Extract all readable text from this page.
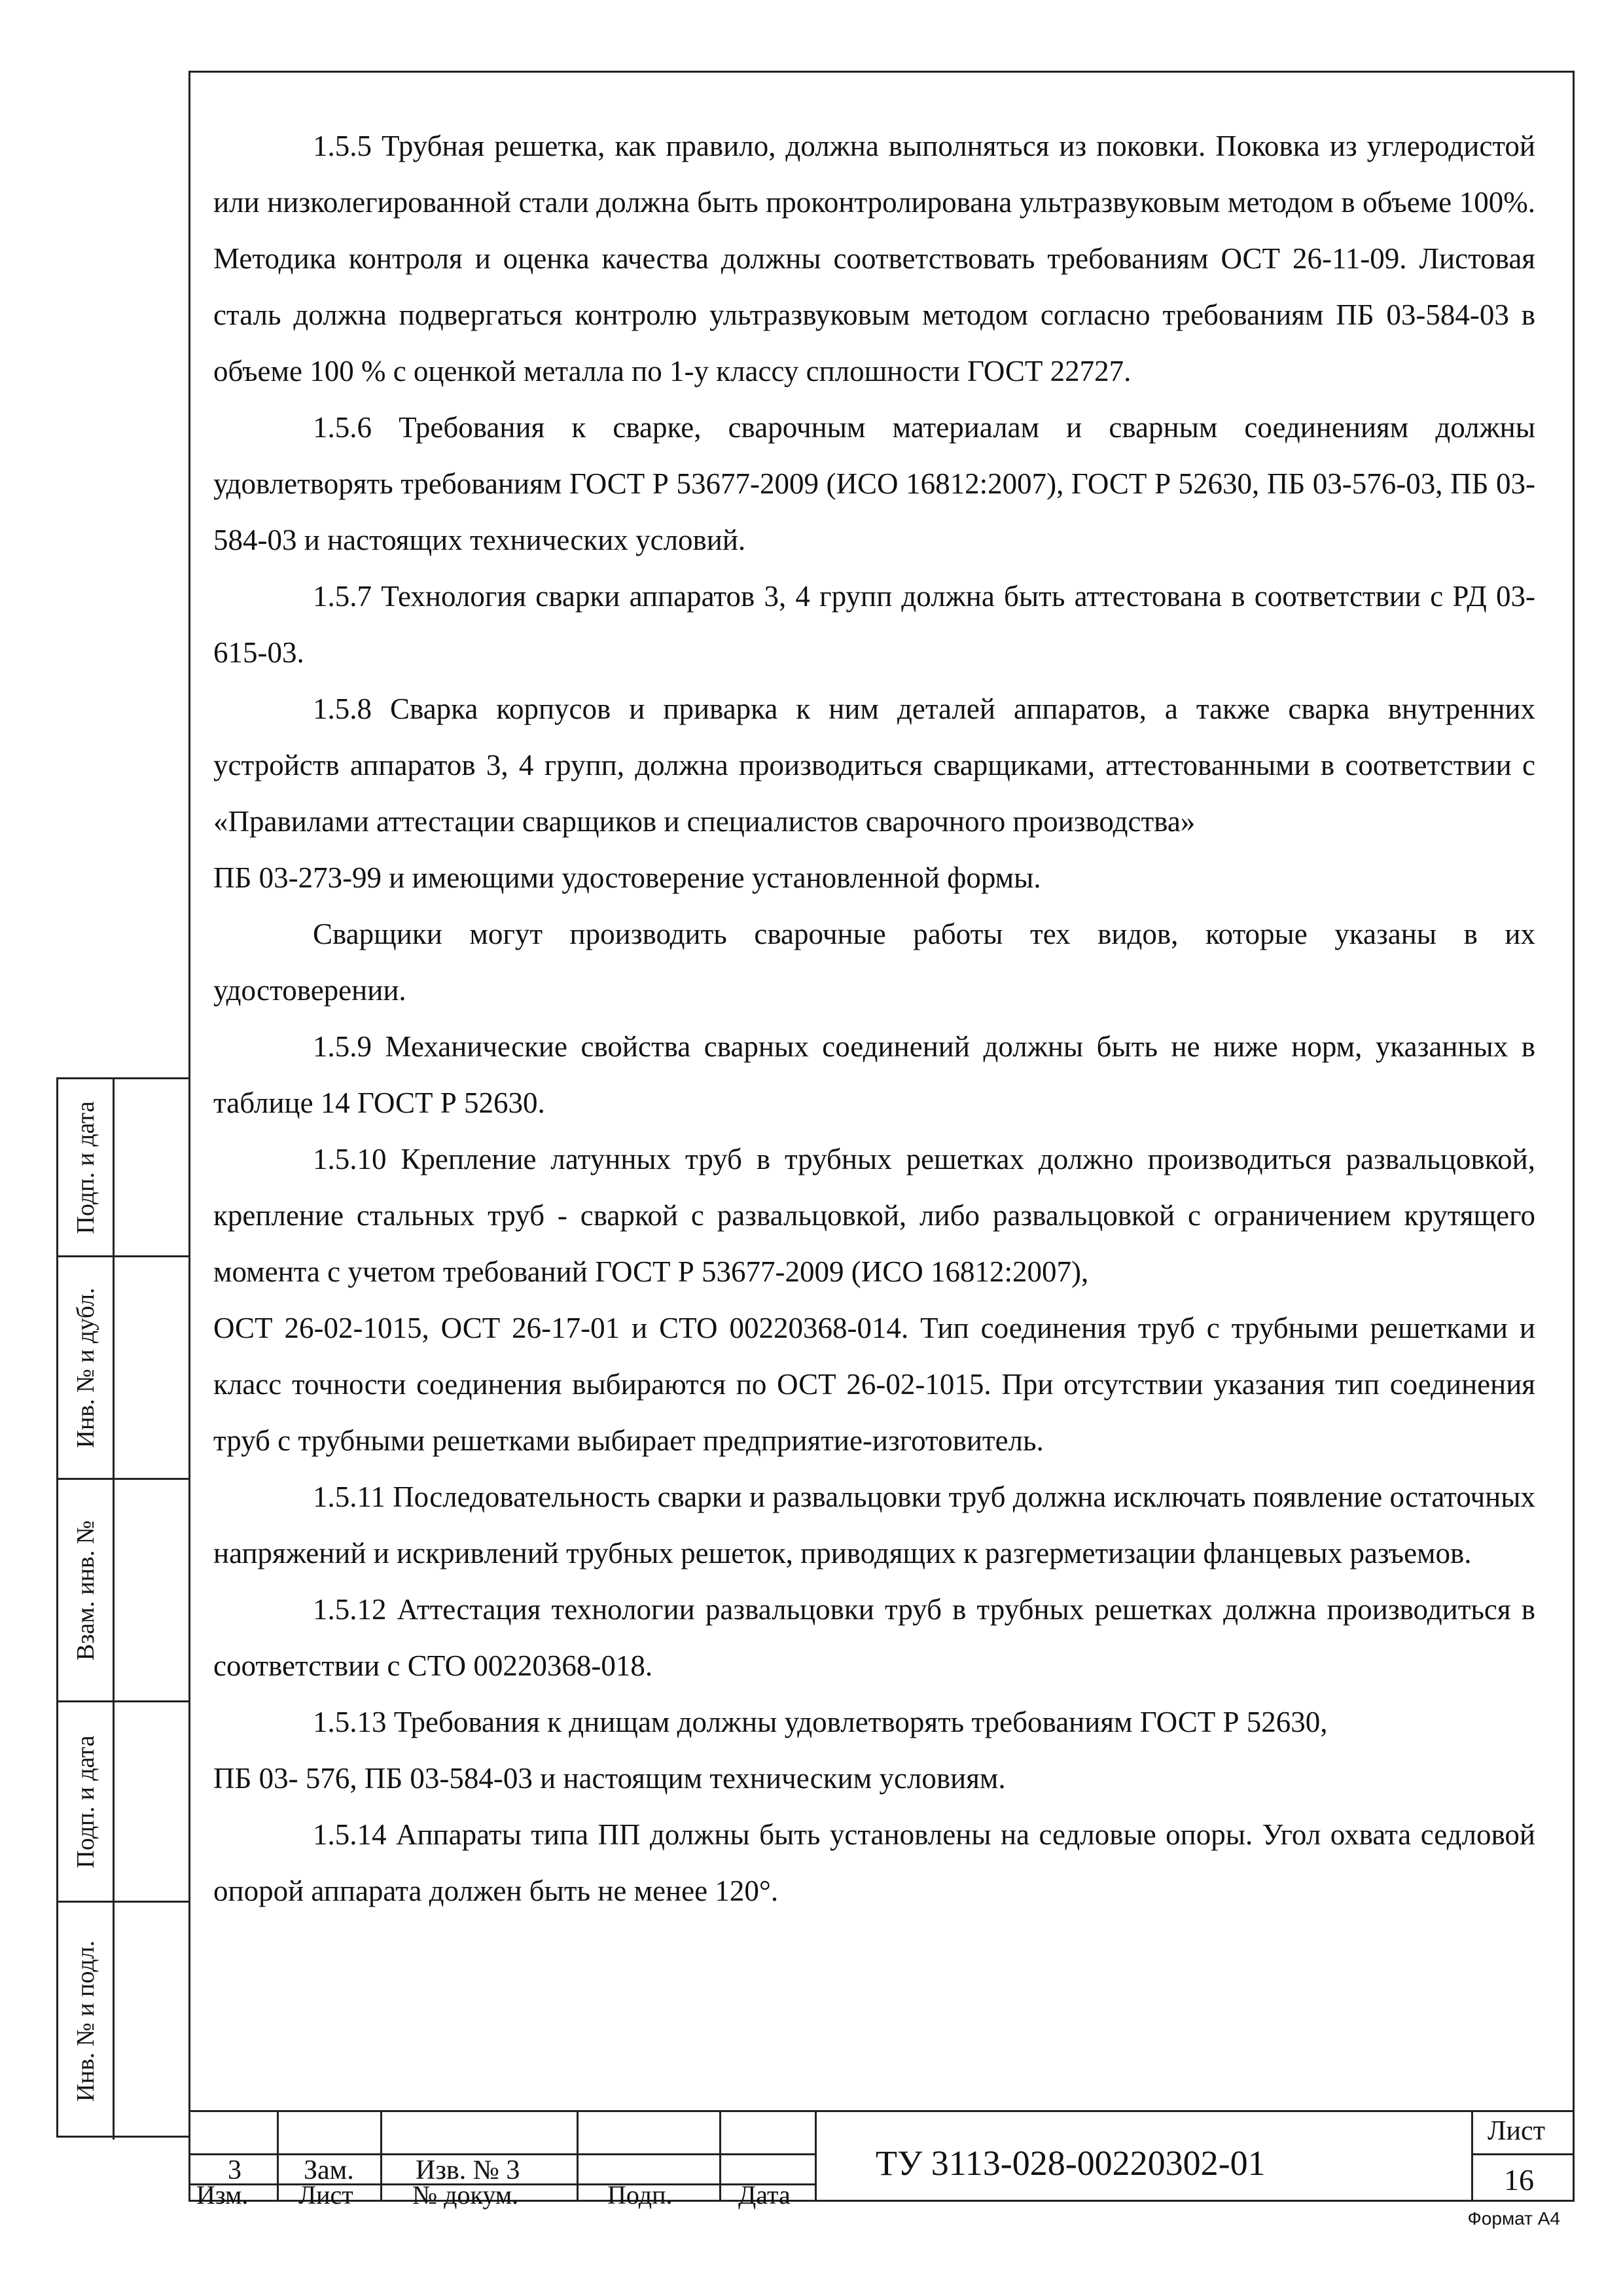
1.5.5 Трубная решетка, как правило, должна выполняться из поковки. Поковка из углеродистой или низколегированной стали должна быть проконтролирована ультразвуковым методом в объеме 100%. Методика контроля и оценка качества должны соответствовать требованиям ОСТ 26-11-09. Листовая сталь должна подвергаться контролю ультразвуковым методом согласно требованиям ПБ 03-584-03 в объеме 100 % с оценкой металла по 1-у классу сплошности ГОСТ 22727.

1.5.6 Требования к сварке, сварочным материалам и сварным соединениям должны удовлетворять требованиям ГОСТ Р 53677-2009 (ИСО 16812:2007), ГОСТ Р 52630, ПБ 03-576-03, ПБ 03-584-03 и настоящих технических условий.

1.5.7 Технология сварки аппаратов 3, 4 групп должна быть аттестована в соответствии с РД 03-615-03.

1.5.8 Сварка корпусов и приварка к ним деталей аппаратов, а также сварка внутренних устройств аппаратов 3, 4 групп, должна производиться сварщиками, аттестованными в соответствии с «Правилами аттестации сварщиков и специалистов сварочного производства»

ПБ 03-273-99 и имеющими удостоверение установленной формы.

Сварщики могут производить сварочные работы тех видов, которые указаны в их удостоверении.

1.5.9 Механические свойства сварных соединений должны быть не ниже норм, указанных в таблице 14 ГОСТ Р 52630.

1.5.10 Крепление латунных труб в трубных решетках должно производиться развальцовкой, крепление стальных труб - сваркой с развальцовкой, либо развальцовкой с ограничением крутящего момента с учетом требований ГОСТ Р 53677-2009 (ИСО 16812:2007),

ОСТ 26-02-1015, ОСТ 26-17-01 и СТО 00220368-014. Тип соединения труб с трубными решетками и класс точности соединения выбираются по ОСТ 26-02-1015. При отсутствии указания тип соединения труб с трубными решетками выбирает предприятие-изготовитель.

1.5.11 Последовательность сварки и развальцовки труб должна исключать появление остаточных напряжений и искривлений трубных решеток, приводящих к разгерметизации фланцевых разъемов.

1.5.12 Аттестация технологии развальцовки труб в трубных решетках должна производиться в соответствии с СТО 00220368-018.

1.5.13 Требования к днищам должны удовлетворять требованиям ГОСТ Р 52630,

ПБ 03- 576, ПБ 03-584-03 и настоящим техническим условиям.

1.5.14 Аппараты типа ПП должны быть установлены на седловые опоры. Угол охвата седловой опорой аппарата должен быть не менее 120°.

Подп. и дата
Инв. № и дубл.
Взам. инв. №
Подп. и дата
Инв. № и подл.
3 Зам. Изв. № 3
Изм. Лист № докум.	Подп.	Дата
ТУ 3113-028-00220302-01
Лист
16
Формат А4
